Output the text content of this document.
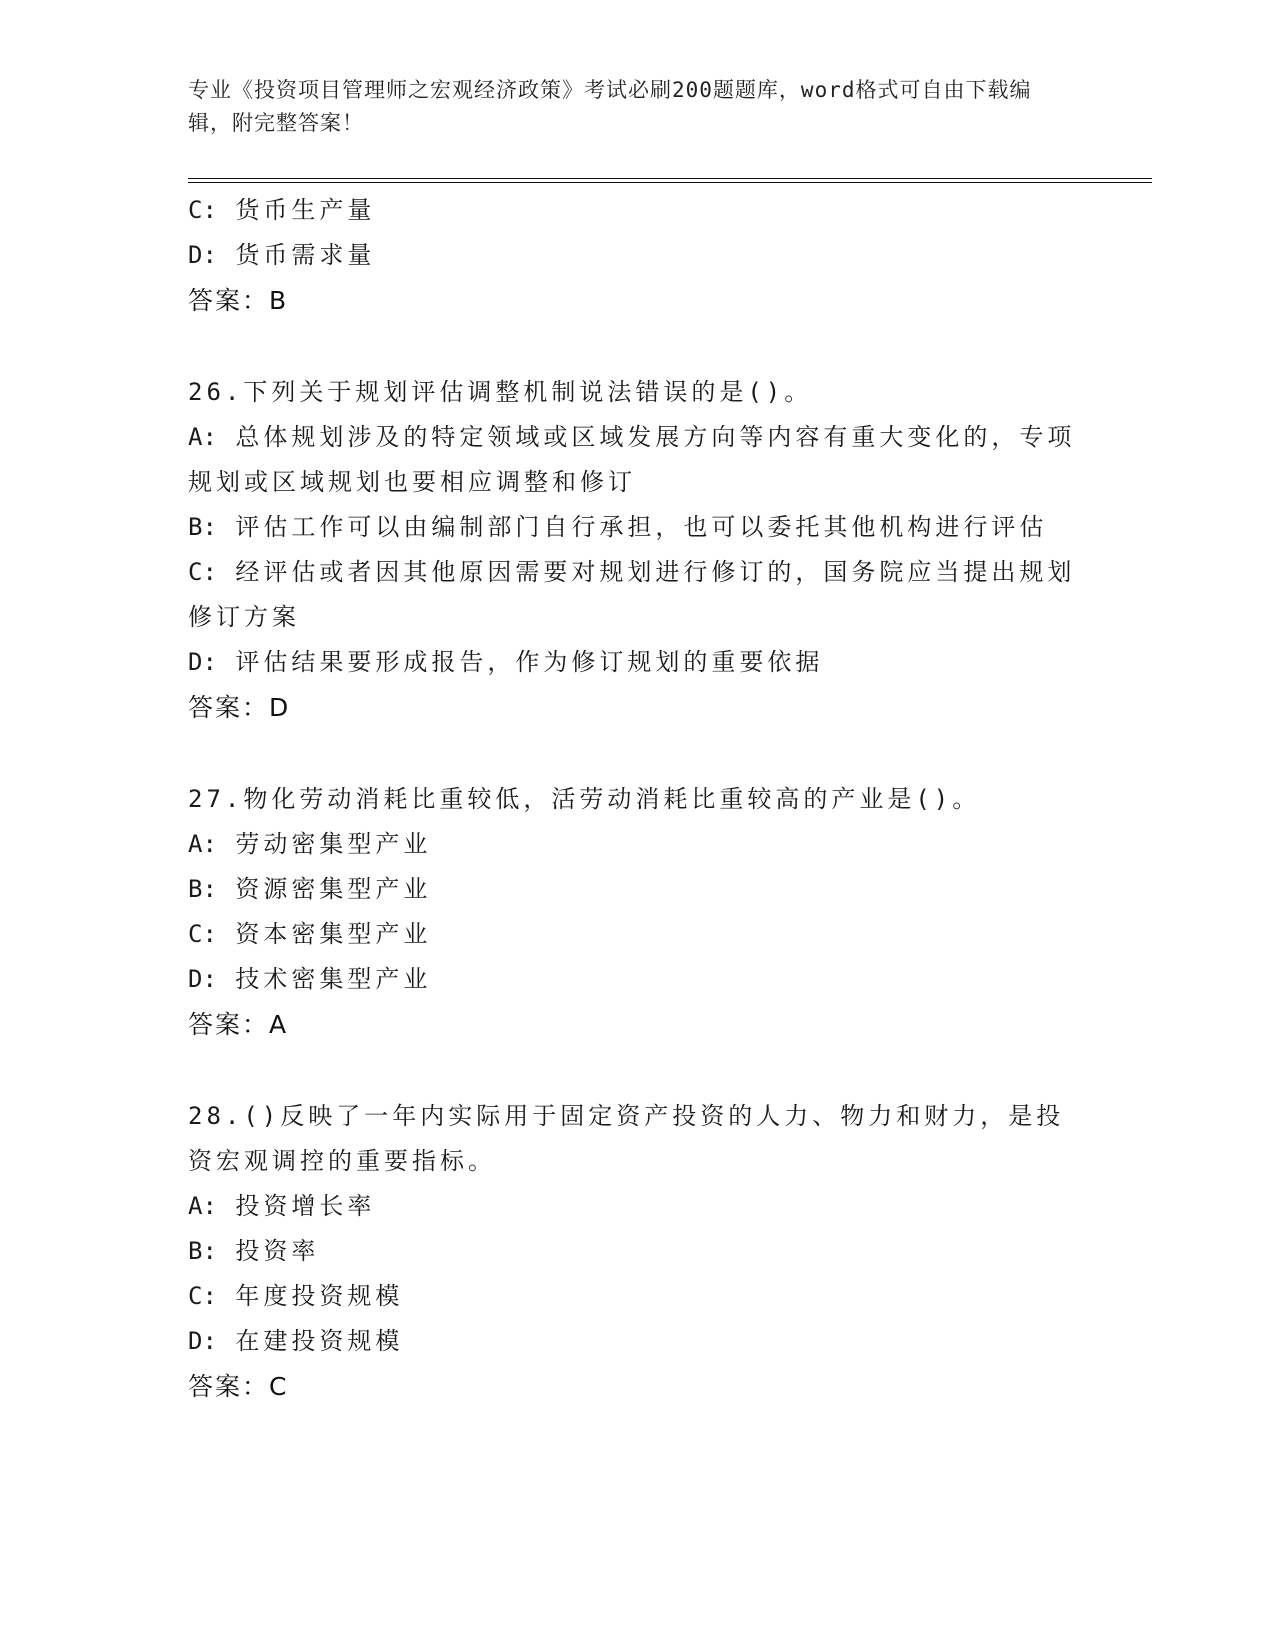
专业《投资项目管理师之宏观经济政策》考试必刷200题题库，word格式可自由下载编辑，附完整答案！
C: 货币生产量
D: 货币需求量
答案：B
26.下列关于规划评估调整机制说法错误的是()。
A: 总体规划涉及的特定领域或区域发展方向等内容有重大变化的，专项规划或区域规划也要相应调整和修订
B: 评估工作可以由编制部门自行承担，也可以委托其他机构进行评估
C: 经评估或者因其他原因需要对规划进行修订的，国务院应当提出规划修订方案
D: 评估结果要形成报告，作为修订规划的重要依据
答案：D
27.物化劳动消耗比重较低，活劳动消耗比重较高的产业是()。
A: 劳动密集型产业
B: 资源密集型产业
C: 资本密集型产业
D: 技术密集型产业
答案：A
28.()反映了一年内实际用于固定资产投资的人力、物力和财力，是投资宏观调控的重要指标。
A: 投资增长率
B: 投资率
C: 年度投资规模
D: 在建投资规模
答案：C
